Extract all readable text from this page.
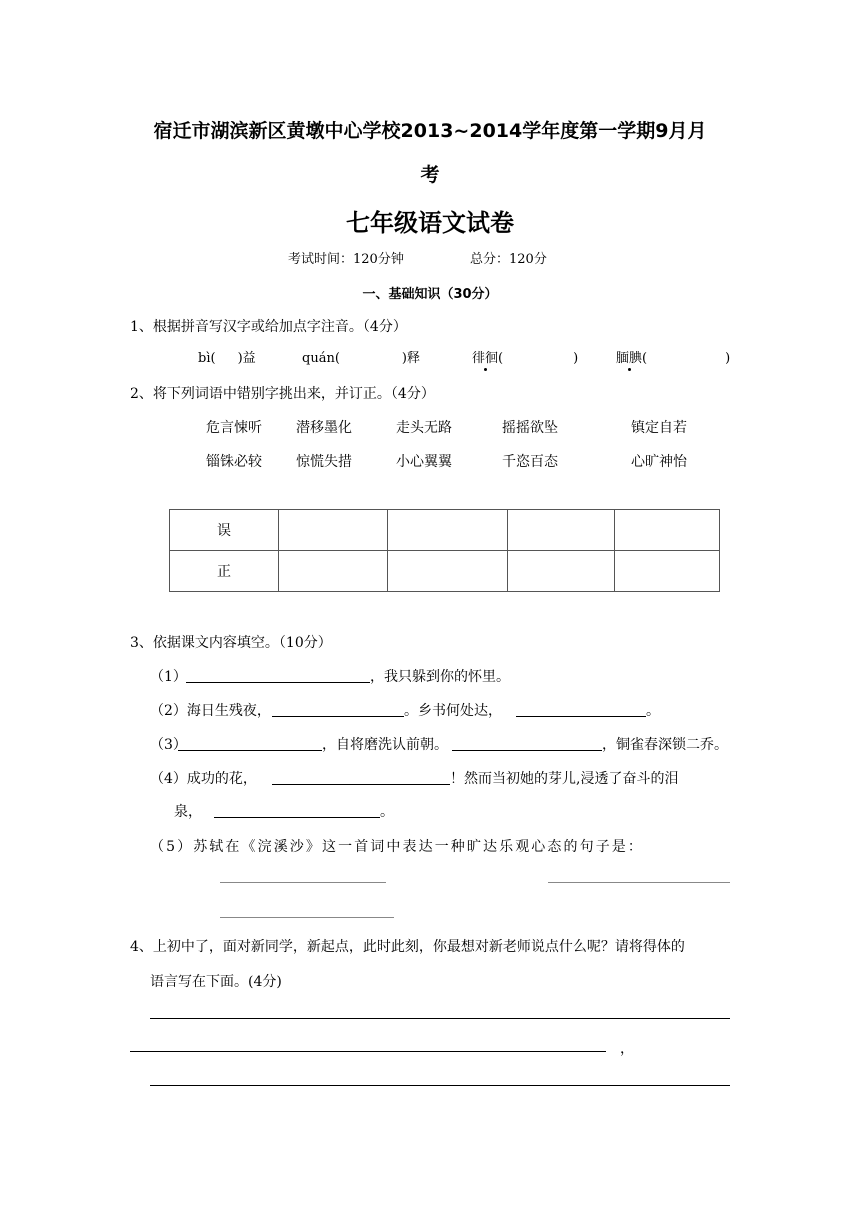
宿迁市湖滨新区黄墩中心学校2013~2014学年度第一学期9月月
考
七年级语文试卷
考试时间：120分钟	总分：120分
一、基础知识（30分）
1、根据拼音写汉字或给加点字注音。（4分）
bì( )益	quán(	)释	徘徊(	)	腼腆(	)
2、将下列词语中错别字挑出来，并订正。（4分）
危言悚听 潜移墨化	走头无路	摇摇欲坠	镇定自若
锱铢必较 惊慌失措	小心翼翼	千恣百态	心旷神怡
误				
正				
3、依据课文内容填空。（10分）
（1）	，我只躲到你的怀里。
（2）海日生残夜，	。乡书何处达，	。
（3）	，自将磨洗认前朝。	，铜雀春深锁二乔。
（4）成功的花，	！然而当初她的芽儿,浸透了奋斗的泪
泉，	。
（5）苏轼在《浣溪沙》这一首词中表达一种旷达乐观心态的句子是：
4、上初中了，面对新同学，新起点，此时此刻，你最想对新老师说点什么呢？请将得体的
语言写在下面。(4分)
，
